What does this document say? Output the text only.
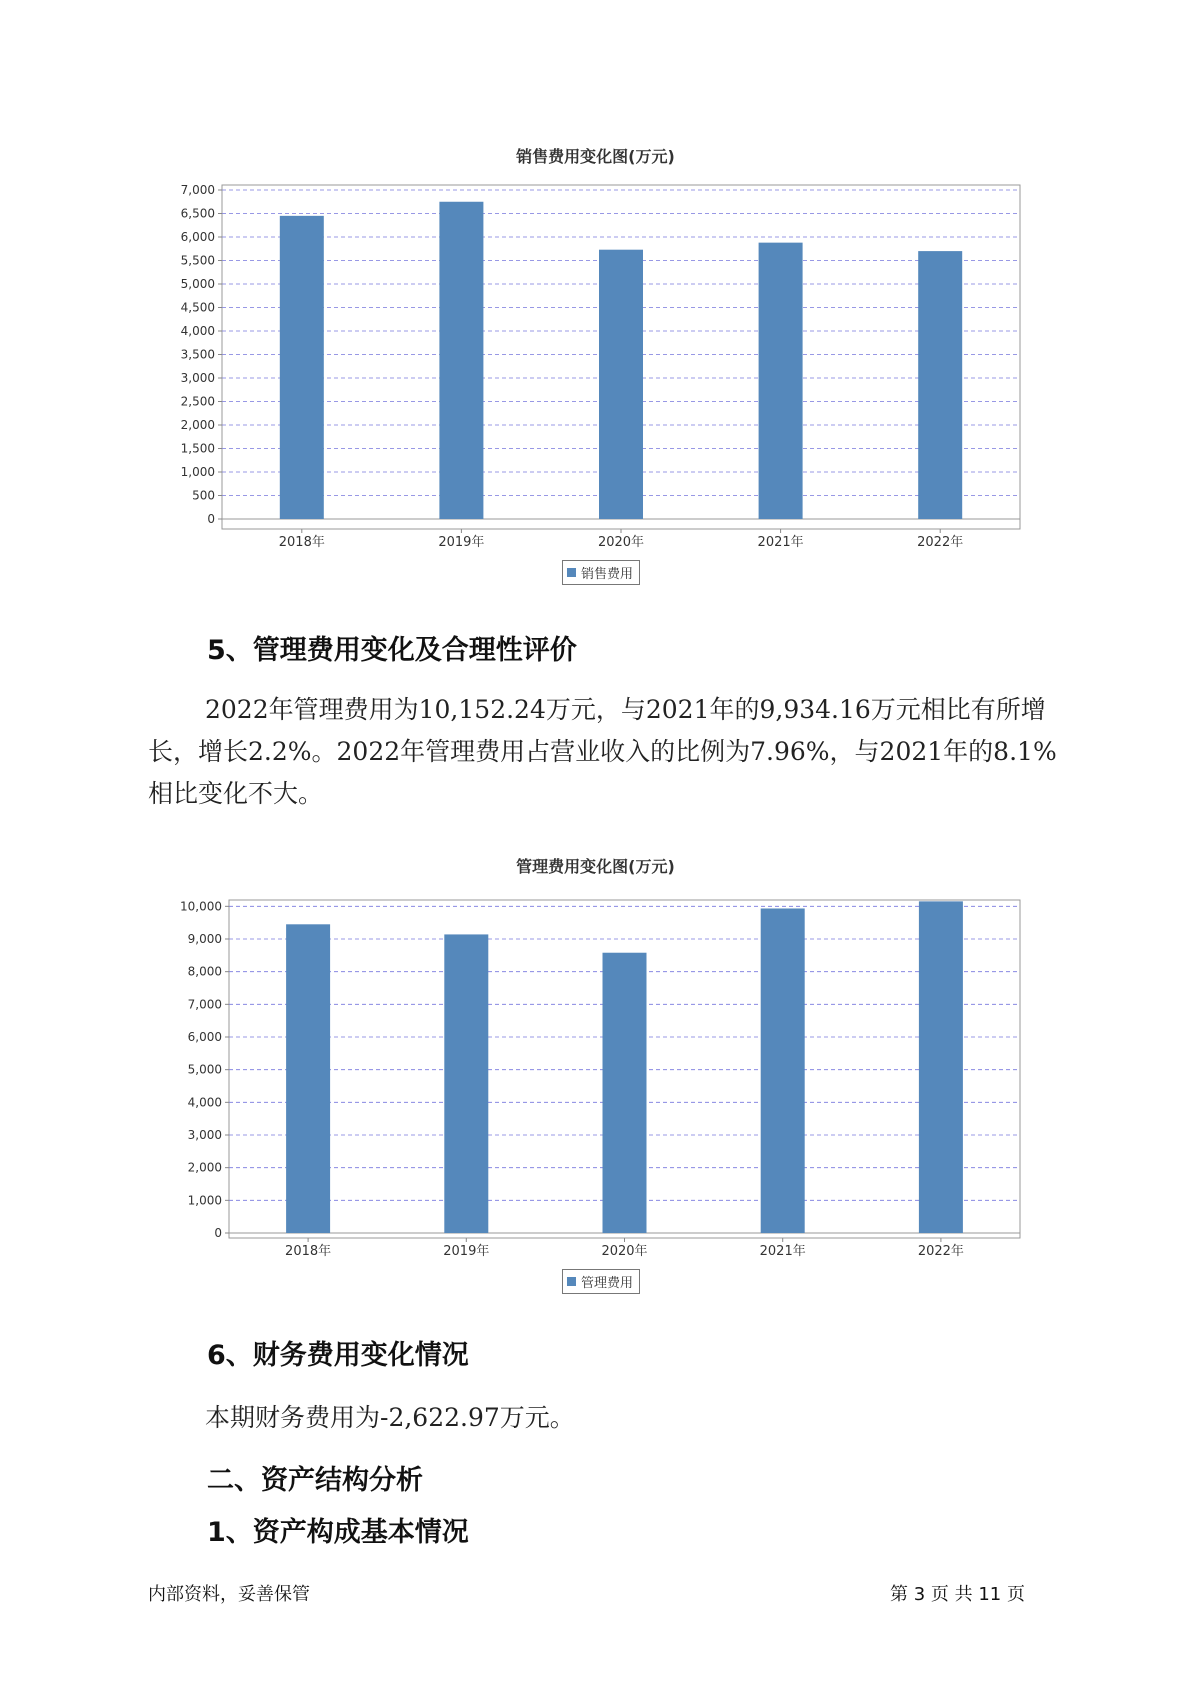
销售费用变化图(万元)
0
500
1,000
1,500
2,000
2,500
3,000
3,500
4,000
4,500
5,000
5,500
6,000
6,500
7,000
2018年	2019年	2020年	2021年	2022年
销售费用
5、管理费用变化及合理性评价
2022年管理费用为10,152.24万元，与2021年的9,934.16万元相比有所增长，增长2.2%。2022年管理费用占营业收入的比例为7.96%，与2021年的8.1%相比变化不大。
管理费用变化图(万元)
0
1,000
2,000
3,000
4,000
5,000
6,000
7,000
8,000
9,000
10,000
2018年	2019年	2020年	2021年	2022年
管理费用
6、财务费用变化情况
本期财务费用为-2,622.97万元。
二、资产结构分析
1、资产构成基本情况
内部资料，妥善保管	第 3 页 共 11 页
